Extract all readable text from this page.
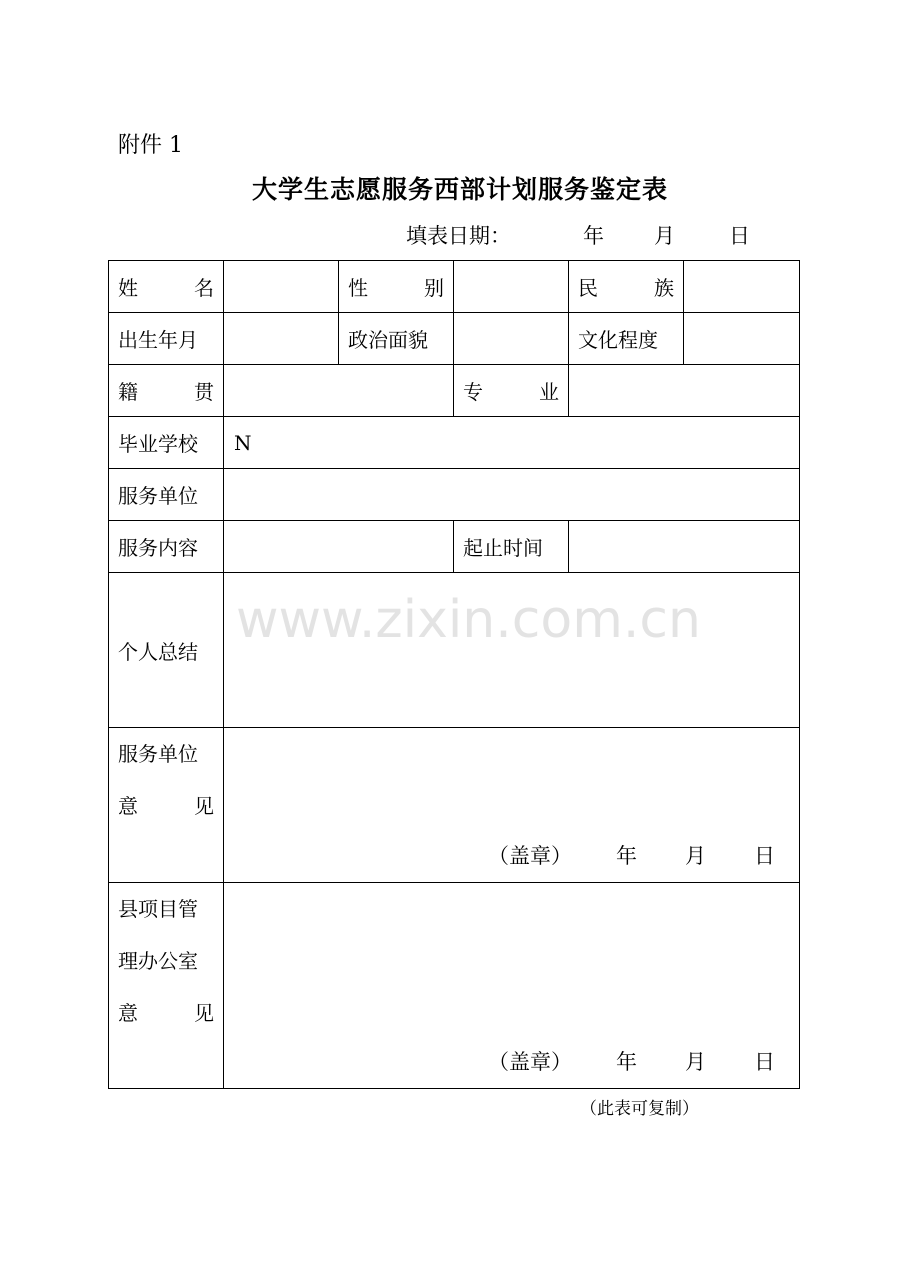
附件 1
大学生志愿服务西部计划服务鉴定表
填表日期：	年 月	日
姓 名		性 别		民 族	

出生年月		政治面貌		文化程度	

籍 贯			专 业		

毕业学校	N				
服务单位					
服务内容			起止时间		
个人总结					

服务单位
意 见	（盖章） 年 月 日				

县项目管
理办公室
意 见	（盖章） 年 月 日				
www.zixin.com.cn
（此表可复制）
